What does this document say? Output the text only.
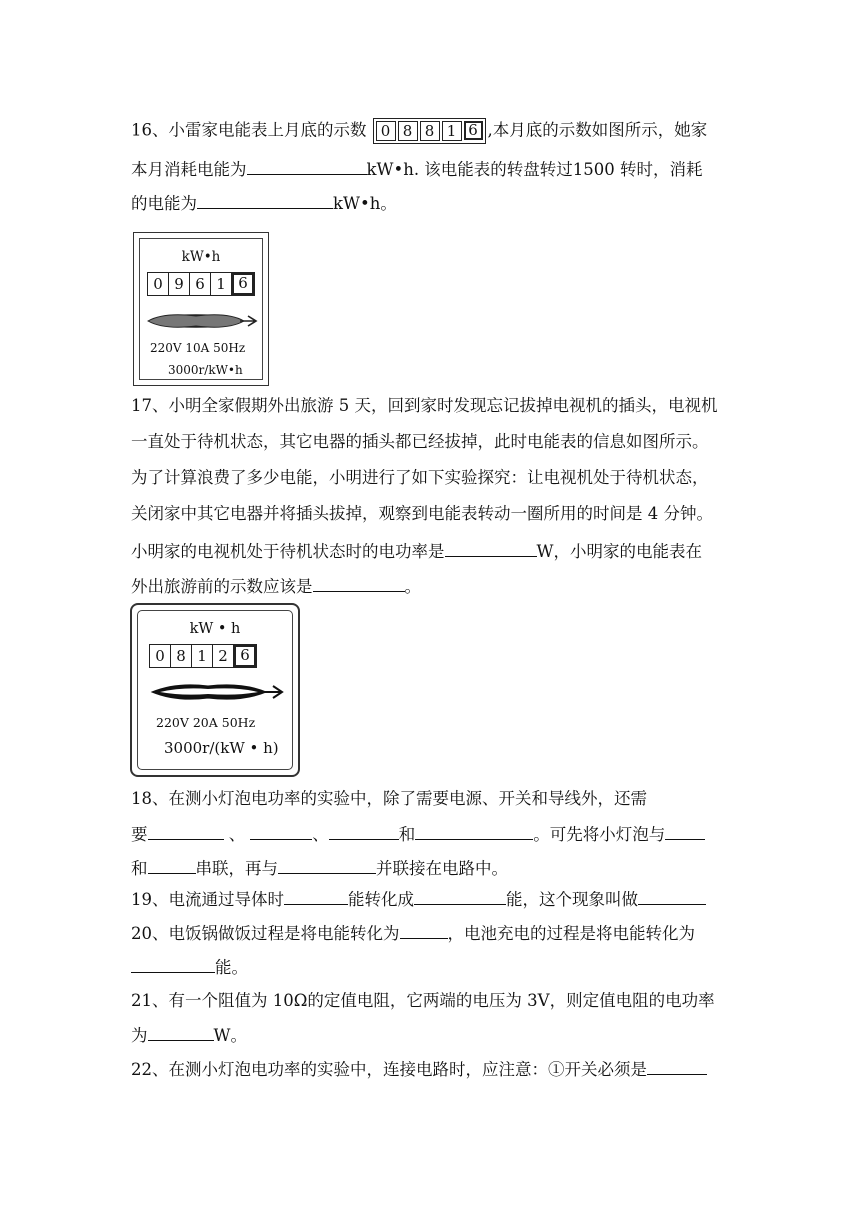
16、小雷家电能表上月底的示数 0 8 8 1 6 ,本月底的示数如图所示，她家
本月消耗电能为	kW•h. 该电能表的转盘转过1500 转时，消耗
的电能为	kW•h。
kW•h
0 9 6 1 6
220V 10A 50Hz
3000r/kW•h
17、小明全家假期外出旅游 5 天，回到家时发现忘记拔掉电视机的插头，电视机
一直处于待机状态，其它电器的插头都已经拔掉，此时电能表的信息如图所示。
为了计算浪费了多少电能，小明进行了如下实验探究：让电视机处于待机状态，
关闭家中其它电器并将插头拔掉，观察到电能表转动一圈所用的时间是 4 分钟。
小明家的电视机处于待机状态时的电功率是	W，小明家的电能表在
外出旅游前的示数应该是	。
kW • h
0 8 1 2 6
220V 20A 50Hz
3000r/(kW • h)
18、在测小灯泡电功率的实验中，除了需要电源、开关和导线外，还需
要	、	、	和	。可先将小灯泡与
和	串联，再与	并联接在电路中。
19、电流通过导体时	能转化成	能，这个现象叫做
20、电饭锅做饭过程是将电能转化为	，电池充电的过程是将电能转化为
能。
21、有一个阻值为 10Ω的定值电阻，它两端的电压为 3V，则定值电阻的电功率
为	W。
22、在测小灯泡电功率的实验中，连接电路时，应注意：①开关必须是
